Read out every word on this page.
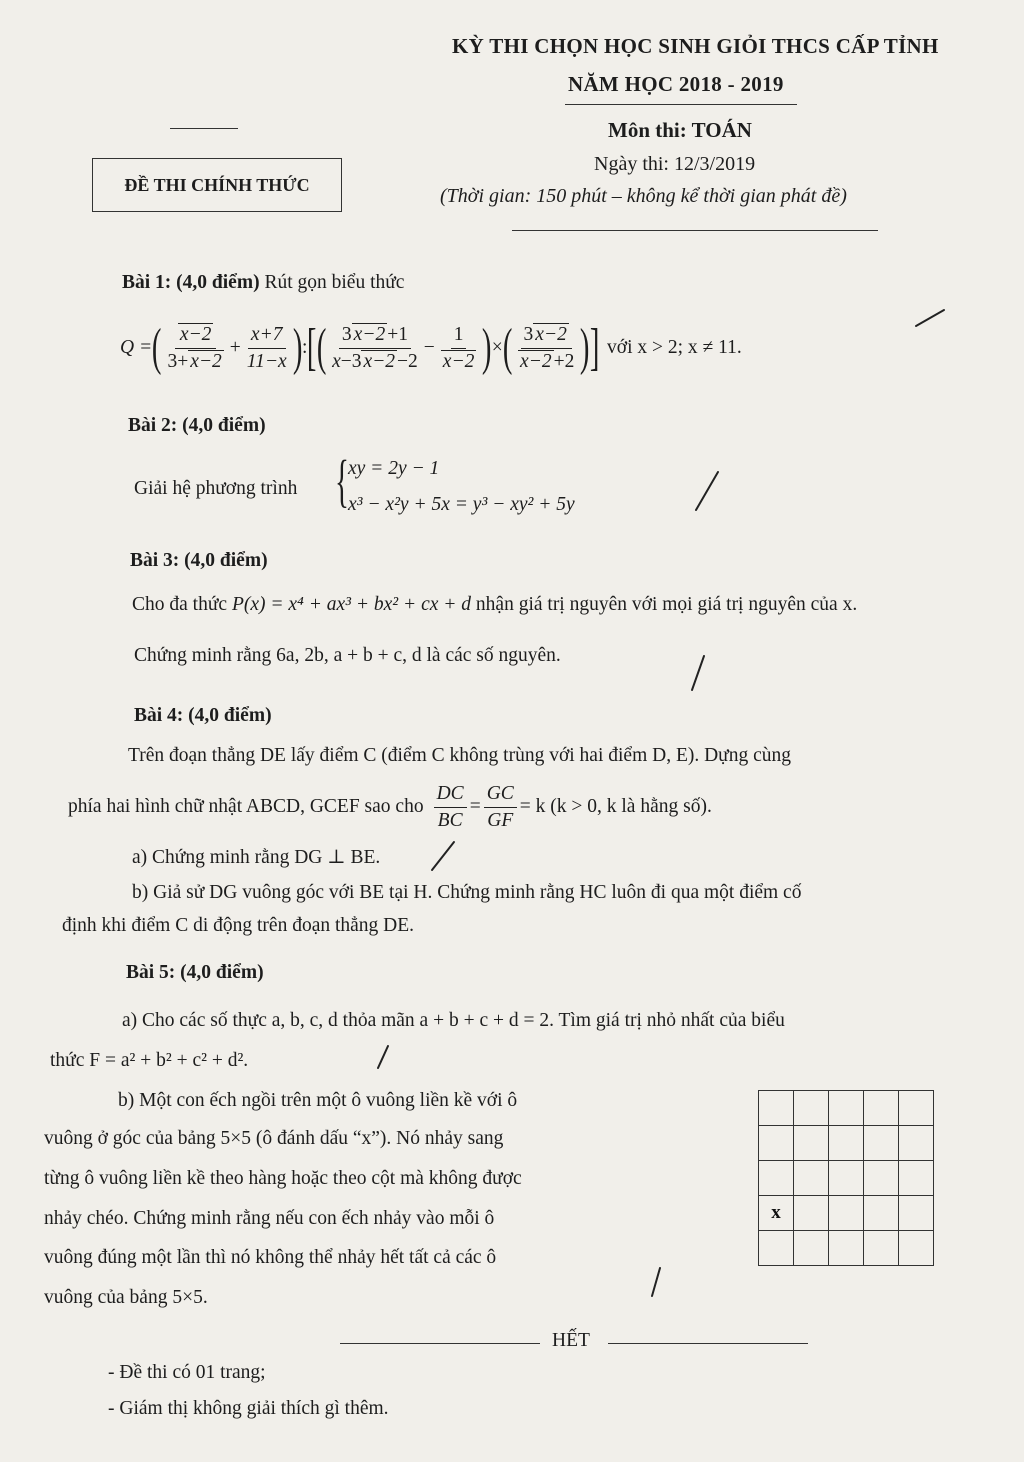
KỲ THI CHỌN HỌC SINH GIỎI THCS CẤP TỈNH
NĂM HỌC 2018 - 2019
Môn thi: TOÁN
Ngày thi: 12/3/2019
(Thời gian: 150 phút – không kể thời gian phát đề)
ĐỀ THI CHÍNH THỨC
Bài 1: (4,0 điểm) Rút gọn biểu thức
Q = ( $\frac{x-2}{3+ x-2} + \frac{x+7}{11-x}$ ) : [ ( $\frac{3 x-2 +1}{x-3 x-2 -2} - \frac{1}{x-2}$ ) × ( $\frac{3 x-2}{x-2 +2}$ ) ] với x > 2; x ≠ 11.
Bài 2: (4,0 điểm)
Giải hệ phương trình { xy = 2y − 1
x³ − x²y + 5x = y³ − xy² + 5y
Bài 3: (4,0 điểm)
Cho đa thức P(x) = x⁴ + ax³ + bx² + cx + d nhận giá trị nguyên với mọi giá trị nguyên của x.
Chứng minh rằng 6a, 2b, a + b + c, d là các số nguyên.
Bài 4: (4,0 điểm)
Trên đoạn thẳng DE lấy điểm C (điểm C không trùng với hai điểm D, E). Dựng cùng
phía hai hình chữ nhật ABCD, GCEF sao cho $\frac{DC}{BC} = \frac{GC}{GF} = k$ (k > 0, k là hằng số).
a) Chứng minh rằng DG ⊥ BE.
b) Giả sử DG vuông góc với BE tại H. Chứng minh rằng HC luôn đi qua một điểm cố
định khi điểm C di động trên đoạn thẳng DE.
Bài 5: (4,0 điểm)
a) Cho các số thực a, b, c, d thỏa mãn a + b + c + d = 2. Tìm giá trị nhỏ nhất của biểu
thức F = a² + b² + c² + d².
b) Một con ếch ngồi trên một ô vuông liền kề với ô
vuông ở góc của bảng 5×5 (ô đánh dấu “x”). Nó nhảy sang
từng ô vuông liền kề theo hàng hoặc theo cột mà không được
nhảy chéo. Chứng minh rằng nếu con ếch nhảy vào mỗi ô
vuông đúng một lần thì nó không thể nhảy hết tất cả các ô
vuông của bảng 5×5.

x				

HẾT
- Đề thi có 01 trang;
- Giám thị không giải thích gì thêm.
